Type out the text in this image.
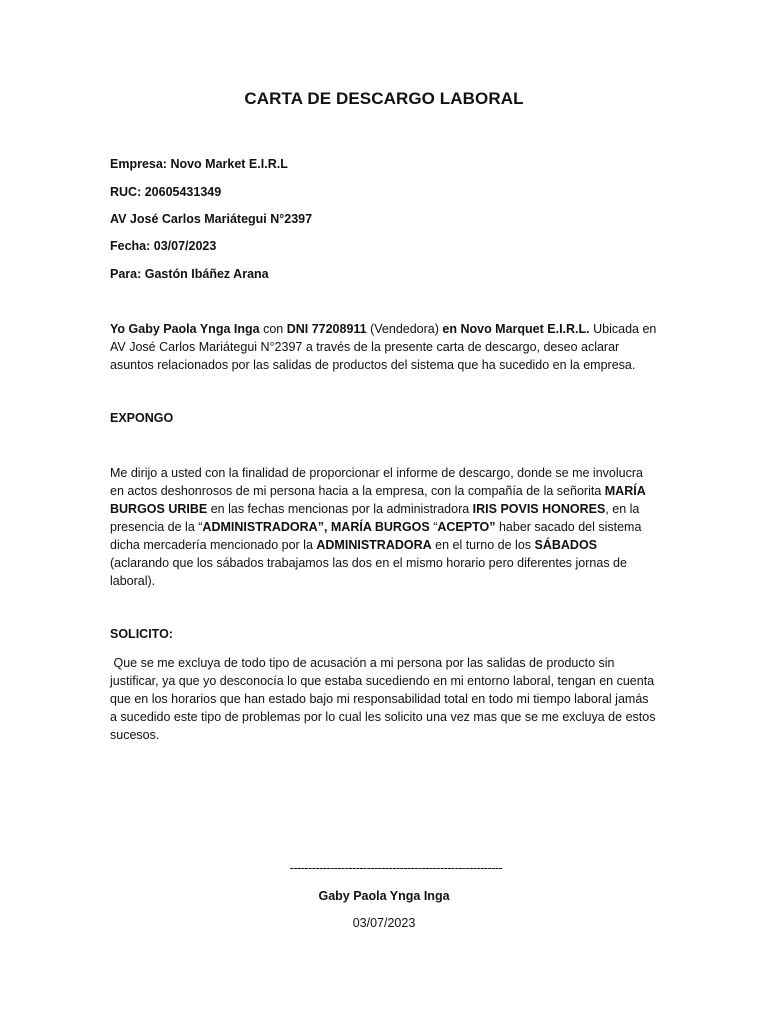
CARTA DE DESCARGO LABORAL
Empresa: Novo Market E.I.R.L
RUC: 20605431349
AV José Carlos Mariátegui N°2397
Fecha: 03/07/2023
Para: Gastón Ibáñez Arana
Yo Gaby Paola Ynga Inga con DNI 77208911 (Vendedora) en Novo Marquet E.I.R.L. Ubicada en AV José Carlos Mariátegui N°2397 a través de la presente carta de descargo, deseo aclarar asuntos relacionados por las salidas de productos del sistema que ha sucedido en la empresa.
EXPONGO
Me dirijo a usted con la finalidad de proporcionar el informe de descargo, donde se me involucra en actos deshonrosos de mi persona hacia a la empresa, con la compañía de la señorita MARÍA BURGOS URIBE en las fechas mencionas por la administradora IRIS POVIS HONORES, en la presencia de la “ADMINISTRADORA”, MARÍA BURGOS “ACEPTO” haber sacado del sistema dicha mercadería mencionado por la ADMINISTRADORA en el turno de los SÁBADOS (aclarando que los sábados trabajamos las dos en el mismo horario pero diferentes jornas de laboral).
SOLICITO:
Que se me excluya de todo tipo de acusación a mi persona por las salidas de producto sin justificar, ya que yo desconocía lo que estaba sucediendo en mi entorno laboral, tengan en cuenta que en los horarios que han estado bajo mi responsabilidad total en todo mi tiempo laboral jamás a sucedido este tipo de problemas por lo cual les solicito una vez mas que se me excluya de estos sucesos.
----------------------------------------------------------
Gaby Paola Ynga Inga
03/07/2023
